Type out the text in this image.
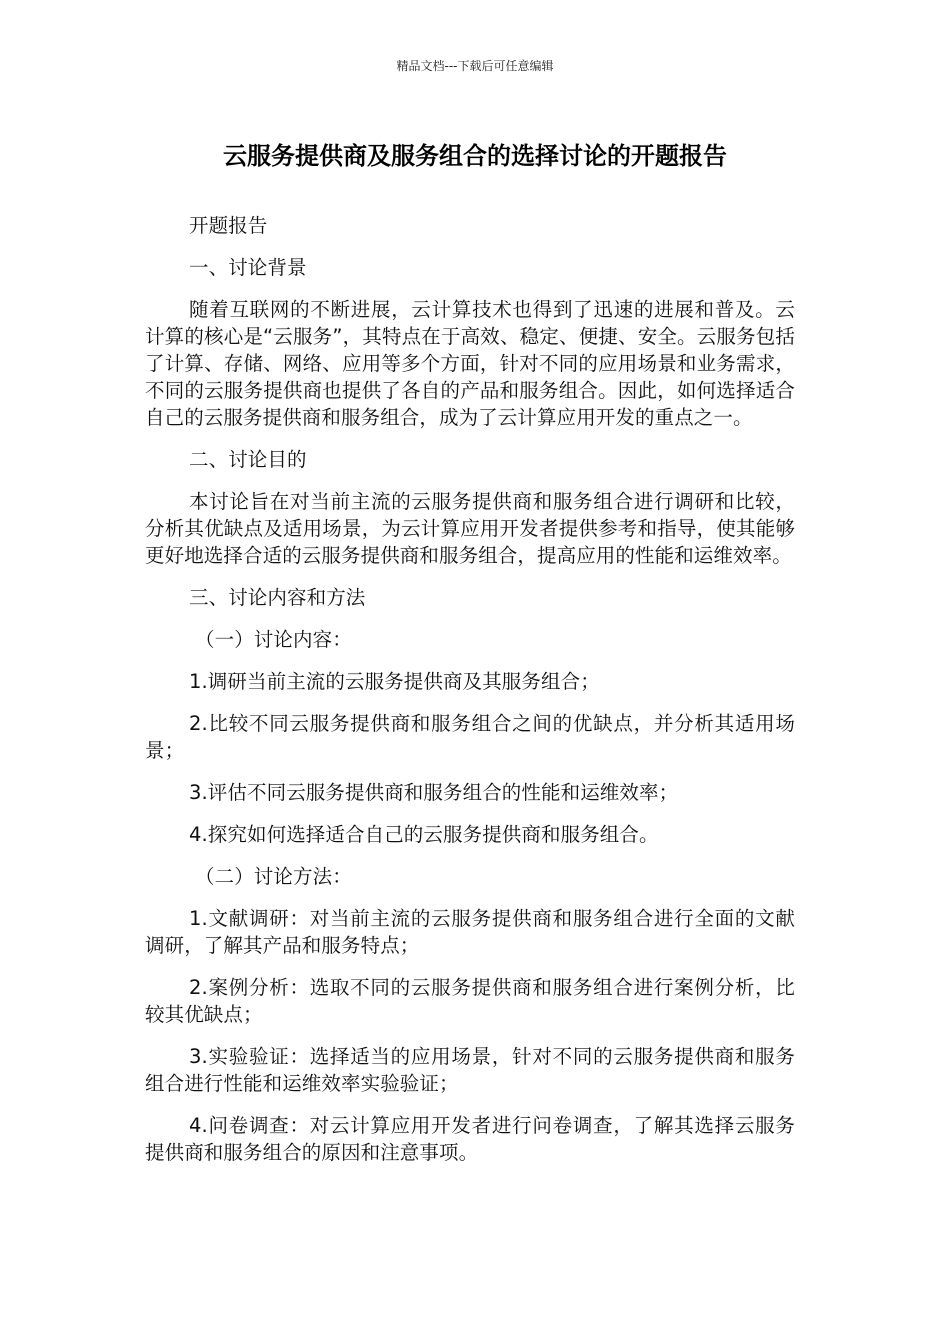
精品文档---下载后可任意编辑
云服务提供商及服务组合的选择讨论的开题报告

开题报告

一、讨论背景

随着互联网的不断进展，云计算技术也得到了迅速的进展和普及。云计算的核心是“云服务”，其特点在于高效、稳定、便捷、安全。云服务包括了计算、存储、网络、应用等多个方面，针对不同的应用场景和业务需求，不同的云服务提供商也提供了各自的产品和服务组合。因此，如何选择适合自己的云服务提供商和服务组合，成为了云计算应用开发的重点之一。

二、讨论目的

本讨论旨在对当前主流的云服务提供商和服务组合进行调研和比较，分析其优缺点及适用场景，为云计算应用开发者提供参考和指导，使其能够更好地选择合适的云服务提供商和服务组合，提高应用的性能和运维效率。

三、讨论内容和方法

（一）讨论内容：

1.调研当前主流的云服务提供商及其服务组合；

2.比较不同云服务提供商和服务组合之间的优缺点，并分析其适用场景；

3.评估不同云服务提供商和服务组合的性能和运维效率；

4.探究如何选择适合自己的云服务提供商和服务组合。

（二）讨论方法：

1.文献调研：对当前主流的云服务提供商和服务组合进行全面的文献调研，了解其产品和服务特点；

2.案例分析：选取不同的云服务提供商和服务组合进行案例分析，比较其优缺点；

3.实验验证：选择适当的应用场景，针对不同的云服务提供商和服务组合进行性能和运维效率实验验证；

4.问卷调查：对云计算应用开发者进行问卷调查，了解其选择云服务提供商和服务组合的原因和注意事项。
